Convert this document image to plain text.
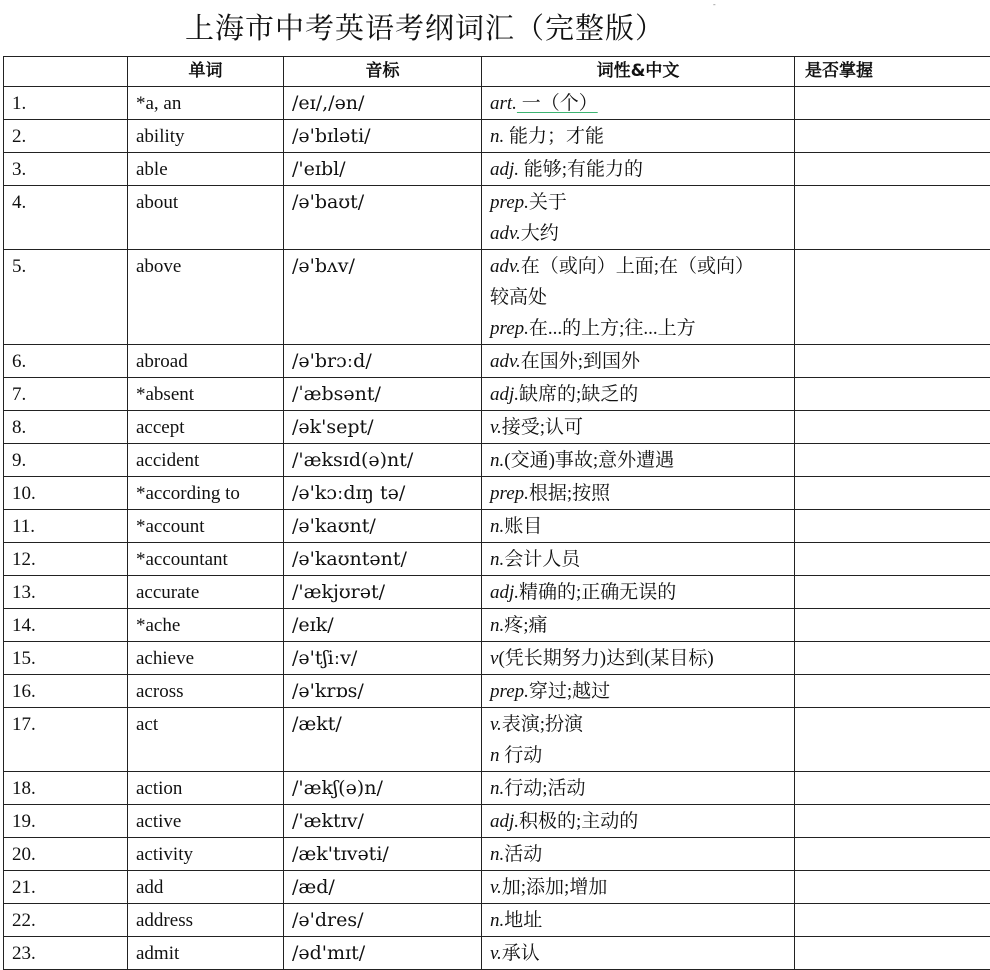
上海市中考英语考纲词汇（完整版）
-
	单词	音标	词性&中文	是否掌握
1.	*a, an	/eɪ/,/ən/	art. 一（个）	

2.	ability	/ə'bɪləti/	n. 能力；才能	

3.	able	/'eɪbl/	adj. 能够;有能力的	

4.	about	/ə'baʊt/	prep.关于
adv.大约	

5.	above	/ə'bʌv/	adv.在（或向）上面;在（或向）
较高处
prep.在...的上方;往...上方	

6.	abroad	/ə'brɔːd/	adv.在国外;到国外	

7.	*absent	/ˈæbsənt/	adj.缺席的;缺乏的	

8.	accept	/ək'sept/	v.接受;认可	

9.	accident	/'æksɪd(ə)nt/	n.(交通)事故;意外遭遇	

10.	*according to	/ə'kɔːdɪŋ tə/	prep.根据;按照	

11.	*account	/ə'kaʊnt/	n.账目	

12.	*accountant	/ə'kaʊntənt/	n.会计人员	

13.	accurate	/'ækjʊrət/	adj.精确的;正确无误的	

14.	*ache	/eɪk/	n.疼;痛	

15.	achieve	/ə'tʃiːv/	v(凭长期努力)达到(某目标)	

16.	across	/ə'krɒs/	prep.穿过;越过	

17.	act	/ækt/	v.表演;扮演
n 行动	

18.	action	/'ækʃ(ə)n/	n.行动;活动	

19.	active	/'æktɪv/	adj.积极的;主动的	

20.	activity	/æk'tɪvəti/	n.活动	

21.	add	/æd/	v.加;添加;增加	

22.	address	/ə'dres/	n.地址	

23.	admit	/əd'mɪt/	v.承认	
